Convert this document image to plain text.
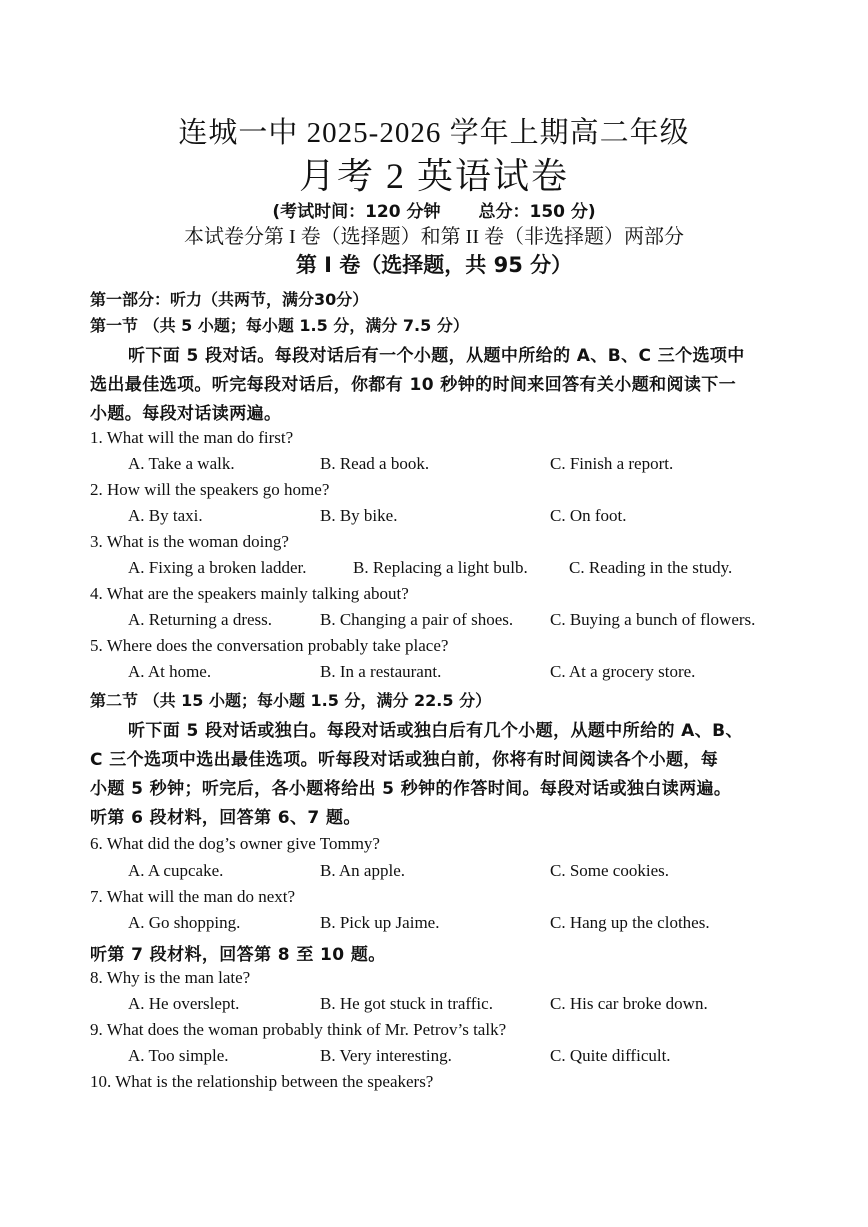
连城一中 2025-2026 学年上期高二年级
月考 2 英语试卷
(考试时间：120 分钟 总分：150 分)
本试卷分第 I 卷（选择题）和第 II 卷（非选择题）两部分
第 I 卷（选择题，共 95 分）
第一部分：听力（共两节，满分30分）
第一节 （共 5 小题；每小题 1.5 分，满分 7.5 分）
听下面 5 段对话。每段对话后有一个小题，从题中所给的 A、B、C 三个选项中
选出最佳选项。听完每段对话后，你都有 10 秒钟的时间来回答有关小题和阅读下一
小题。每段对话读两遍。
1. What will the man do first?
A. Take a walk.	B. Read a book.	C. Finish a report.
2. How will the speakers go home?
A. By taxi.	B. By bike.	C. On foot.
3. What is the woman doing?
A. Fixing a broken ladder.	B. Replacing a light bulb. C. Reading in the study.
4. What are the speakers mainly talking about?
A. Returning a dress.	B. Changing a pair of shoes. C. Buying a bunch of flowers.
5. Where does the conversation probably take place?
A. At home.	B. In a restaurant.	C. At a grocery store.
第二节 （共 15 小题；每小题 1.5 分，满分 22.5 分）
听下面 5 段对话或独白。每段对话或独白后有几个小题，从题中所给的 A、B、
C 三个选项中选出最佳选项。听每段对话或独白前，你将有时间阅读各个小题，每
小题 5 秒钟；听完后，各小题将给出 5 秒钟的作答时间。每段对话或独白读两遍。
听第 6 段材料，回答第 6、7 题。
6. What did the dog’s owner give Tommy?
A. A cupcake.	B. An apple.	C. Some cookies.
7. What will the man do next?
A. Go shopping.	B. Pick up Jaime.	C. Hang up the clothes.
听第 7 段材料，回答第 8 至 10 题。
8. Why is the man late?
A. He overslept.	B. He got stuck in traffic.	C. His car broke down.
9. What does the woman probably think of Mr. Petrov’s talk?
A. Too simple.	B. Very interesting.	C. Quite difficult.
10. What is the relationship between the speakers?
